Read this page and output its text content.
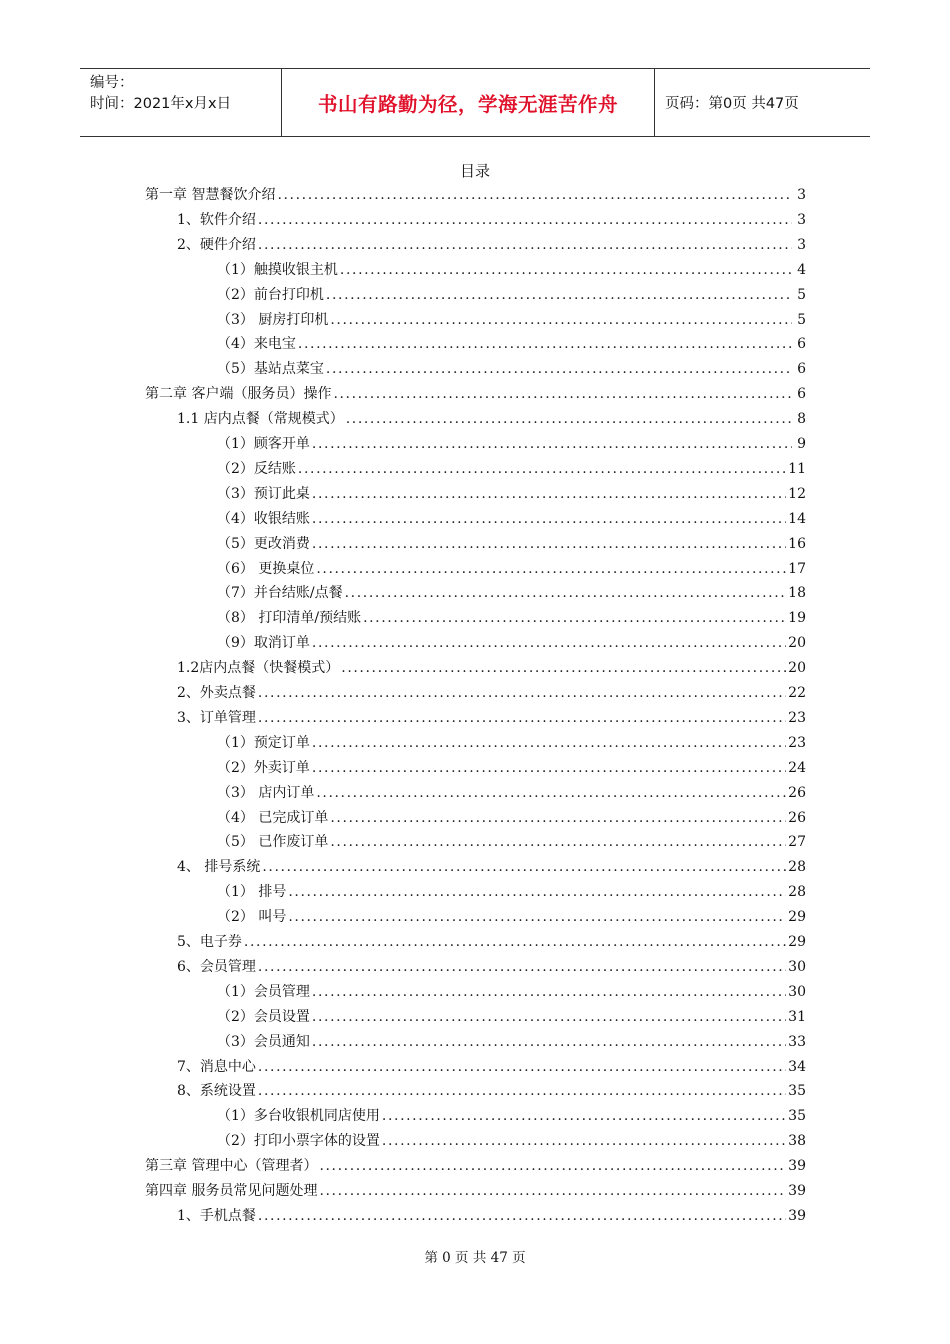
编号：
时间：2021年x月x日	书山有路勤为径，学海无涯苦作舟	页码：第0页 共47页
目录
第一章 智慧餐饮介绍 .....	3
1、软件介绍 .....	3
2、硬件介绍 .....	3
（1）触摸收银主机 .....	4
（2）前台打印机 .....	5
（3） 厨房打印机 .....	5
（4）来电宝 .....	6
（5）基站点菜宝 .....	6
第二章 客户端（服务员）操作 .....	6
1.1 店内点餐（常规模式） .....	8
（1）顾客开单 .....	9
（2）反结账 .....	11
（3）预订此桌 .....	12
（4）收银结账 .....	14
（5）更改消费 .....	16
（6） 更换桌位 .....	17
（7）并台结账/点餐 .....	18
（8） 打印清单/预结账 .....	19
（9）取消订单 .....	20
1.2店内点餐（快餐模式） .....	20
2、外卖点餐 .....	22
3、订单管理 .....	23
（1）预定订单 .....	23
（2）外卖订单 .....	24
（3） 店内订单 .....	26
（4） 已完成订单 .....	26
（5） 已作废订单 .....	27
4、 排号系统 .....	28
（1） 排号 .....	28
（2） 叫号 .....	29
5、电子券 .....	29
6、会员管理 .....	30
（1）会员管理 .....	30
（2）会员设置 .....	31
（3）会员通知 .....	33
7、消息中心 .....	34
8、系统设置 .....	35
（1）多台收银机同店使用 .....	35
（2）打印小票字体的设置 .....	38
第三章 管理中心（管理者） .....	39
第四章 服务员常见问题处理 .....	39
1、手机点餐 .....	39
第 0 页 共 47 页
